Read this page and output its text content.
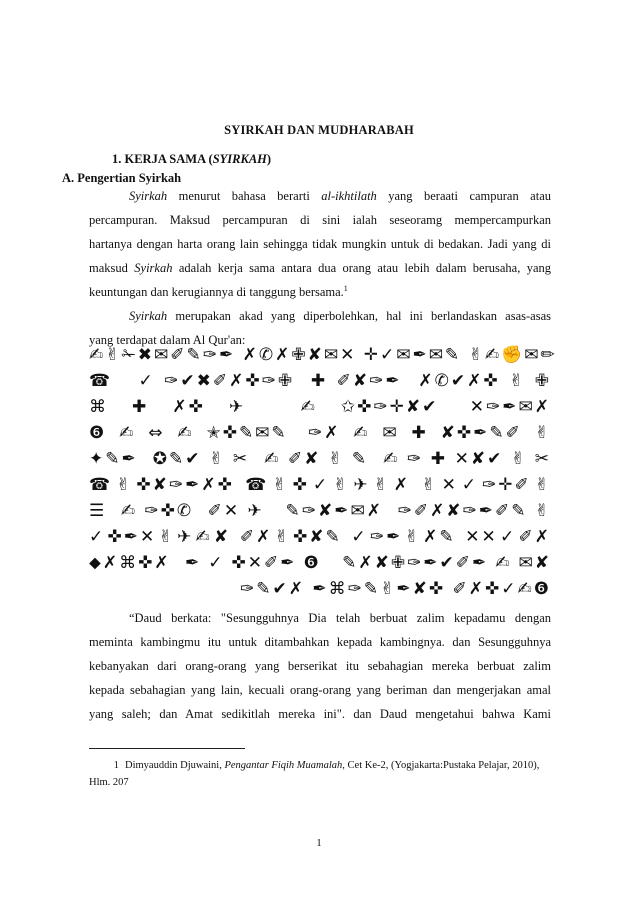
SYIRKAH DAN MUDHARABAH
1. KERJA SAMA (SYIRKAH)
A. Pengertian Syirkah
Syirkah menurut bahasa berarti al-ikhtilath yang beraati campuran atau
percampuran. Maksud percampuran di sini ialah seseoramg mempercampurkan
hartanya dengan harta orang lain sehingga tidak mungkin untuk di bedakan. Jadi yang di
maksud Syirkah adalah kerja sama antara dua orang atau lebih dalam berusaha, yang
keuntungan dan kerugiannya di tanggung bersama.$^1$
Syirkah merupakan akad yang diperbolehkan, hal ini berlandaskan asas-asas
yang terdapat dalam Al Qur'an:
✍✌✁✖✉✐✎✑✒ ✗✆✗✙✘✉✕ ✛✓✉✒✉✎ ✌✍✊✉✏
☎ ✓✑✔✖✐✗✜✑✙ ✚✐✘✑✒ ✗✆✔✗✜✌✙
⌘✚✗✜✈ ✍✩✜✑✛✘✔ ✕✑✒✉✗
❻✍⇔✍✭✜✎✉✎ ✑✗✍✉✚✘✜✒✎✐✌
✦✎✒ ✪✎✔✌✂ ✍✐✘✌✎ ✍✑✚✕✘✔✌✂
☎✌✜✘✑✒✗✜ ☎✌✜✓✌✈✌✗ ✌✕✓✑✛✐✌
☰ ✍✑✜✆ ✐✕✈ ✎✑✘✒✉✗ ✑✐✗✘✑✒✐✎✌
✓✜✒✕✌✈✍✘ ✐✗✌✜✘✎ ✓✑✒✌✗✎ ✕✕✓✐✗
⬥✗⌘✜✗ ✒✓✜✕✐✒❻ ✎✗✘✙✑✒✔✐✒✍✉✘
✑✎✔✗ ✒⌘✑✎✌✒✘✜ ✐✗✜✓✍❻
“Daud berkata: "Sesungguhnya Dia telah berbuat zalim kepadamu dengan
meminta kambingmu itu untuk ditambahkan kepada kambingnya. dan Sesungguhnya
kebanyakan dari orang-orang yang berserikat itu sebahagian mereka berbuat zalim
kepada sebahagian yang lain, kecuali orang-orang yang beriman dan mengerjakan amal
yang saleh; dan Amat sedikitlah mereka ini". dan Daud mengetahui bahwa Kami
1 Dimyauddin Djuwaini, Pengantar Fiqih Muamalah, Cet Ke-2, (Yogjakarta:Pustaka Pelajar, 2010),
Hlm. 207
1
